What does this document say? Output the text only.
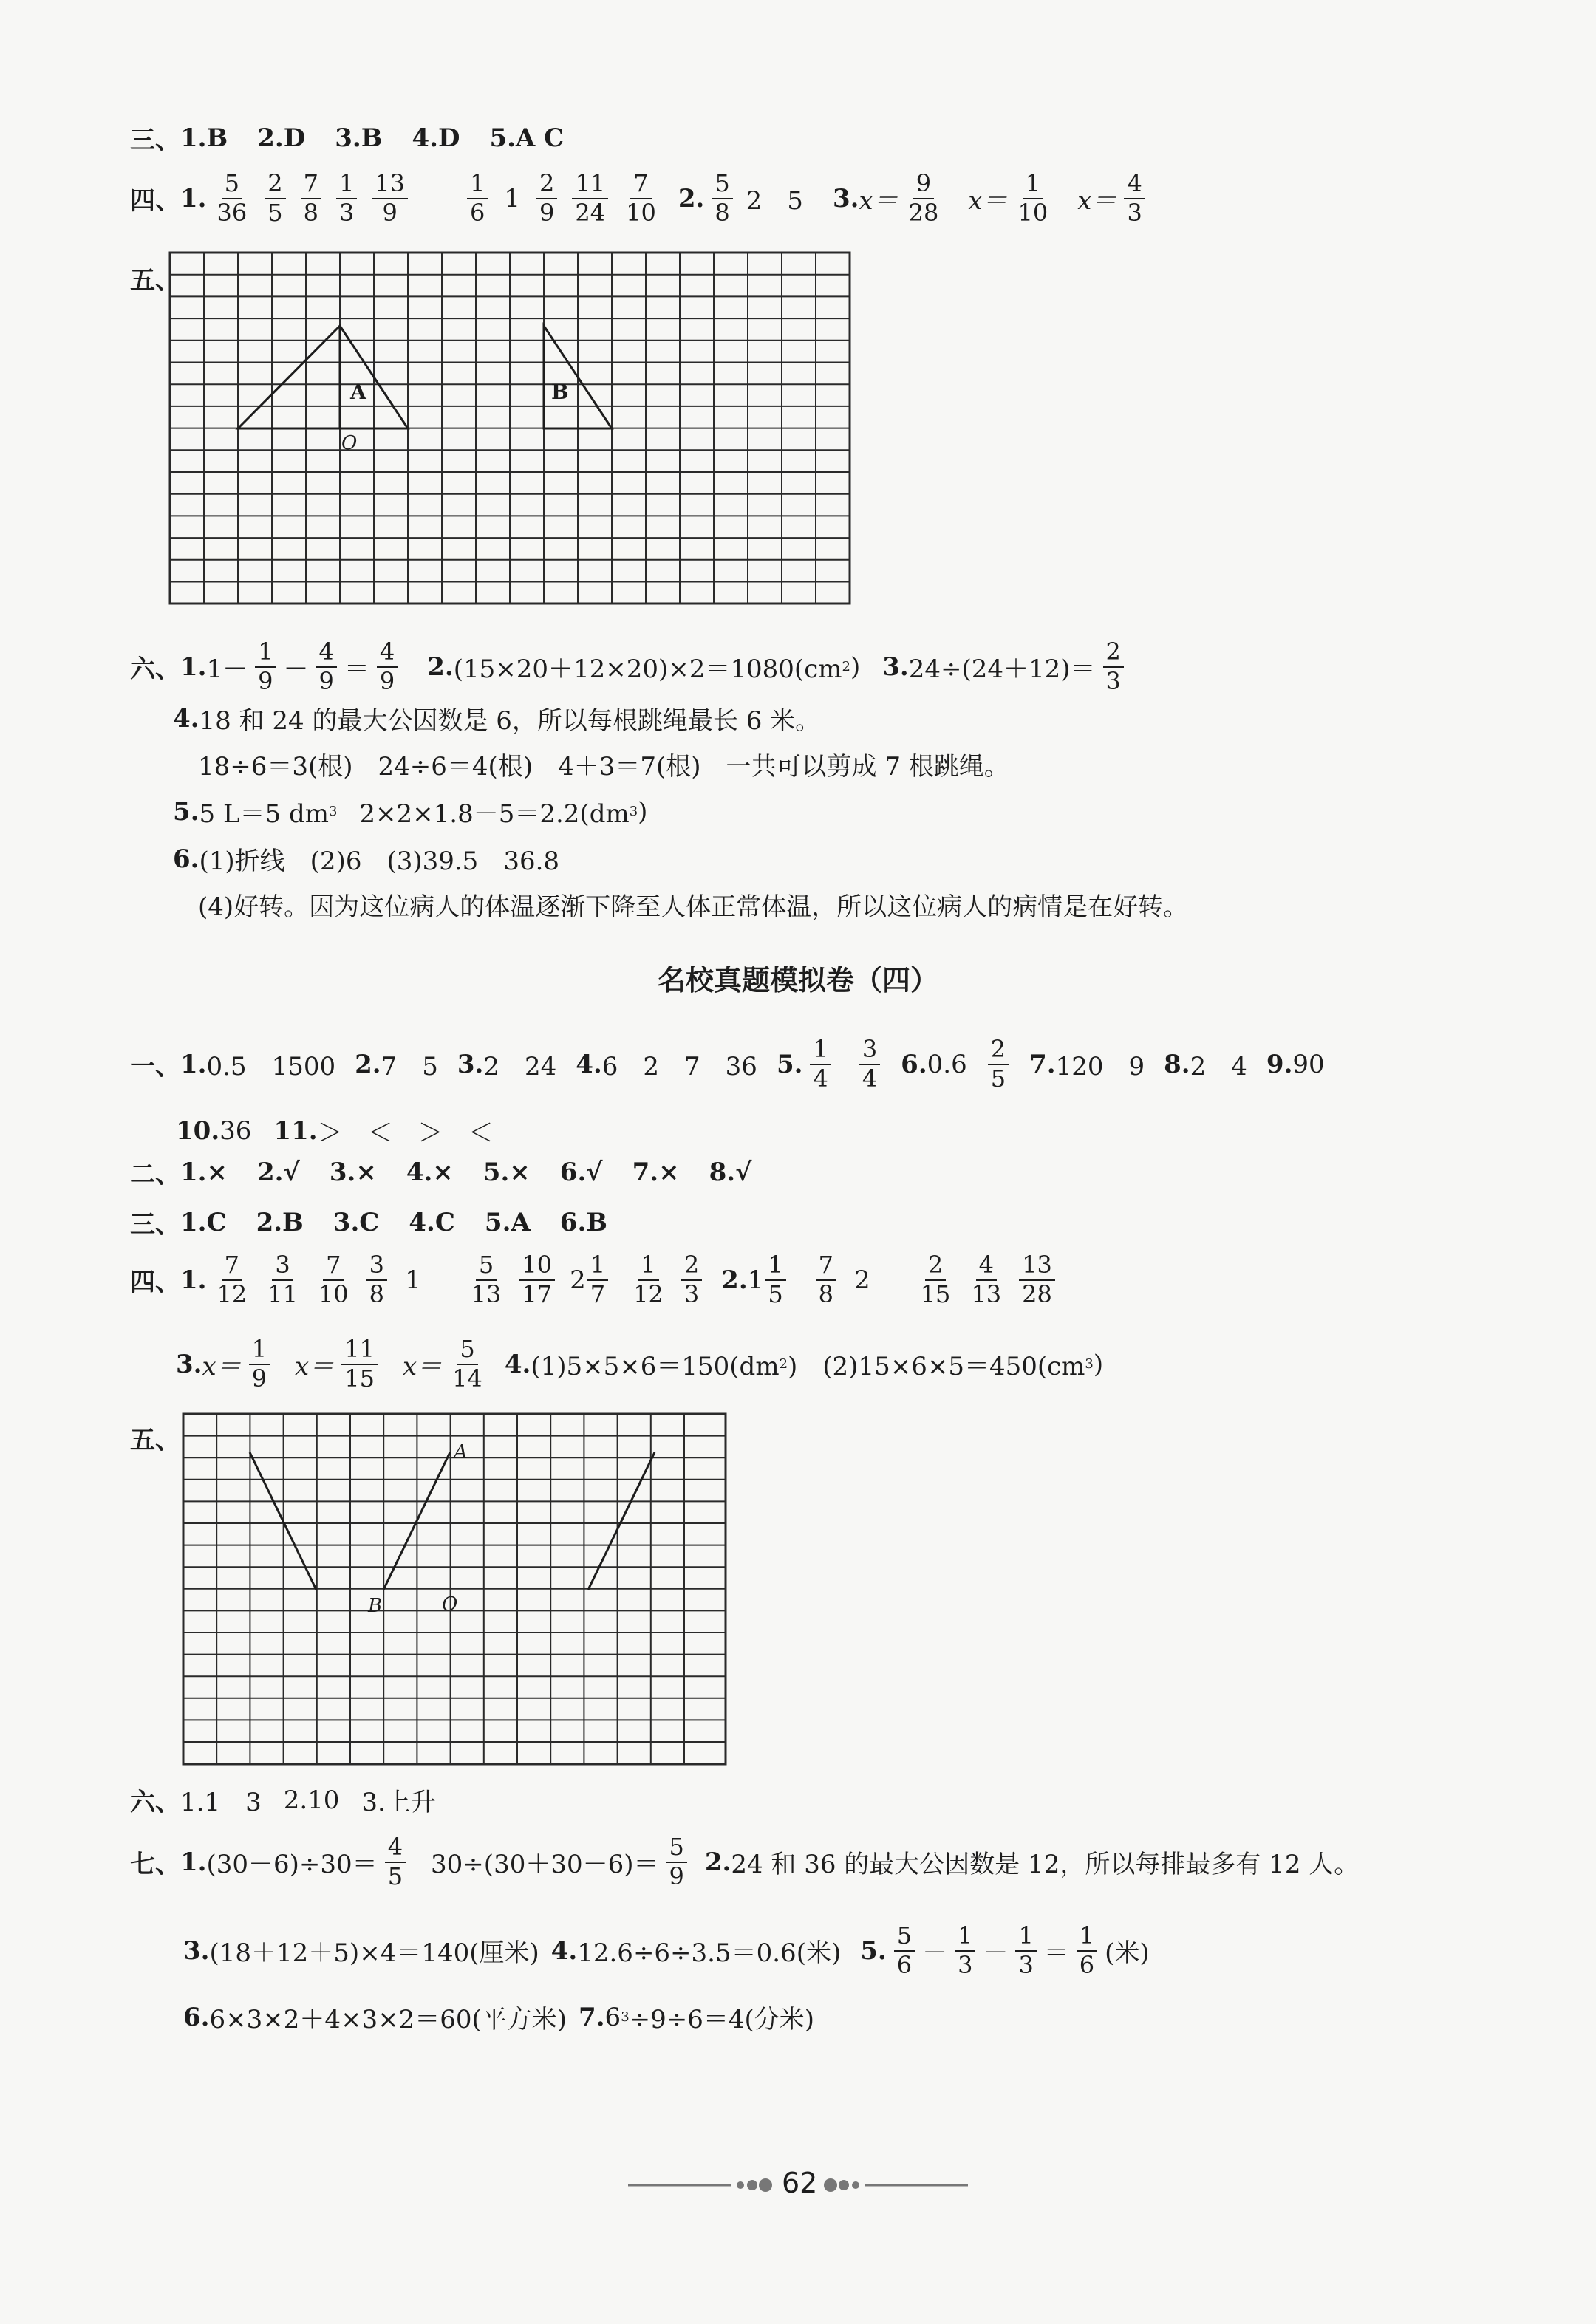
三、 1.B 2.D 3.B 4.D 5.A C
四、 1. $\frac{5}{36} \frac{2}{5} \frac{7}{8} \frac{1}{3} \frac{13}{9}$	$\frac{1}{6} 1 \frac{2}{9} \frac{11}{24} \frac{7}{10} 2$. $\frac{5}{8} 2$　5 3. $x= \frac{9}{28} x= \frac{1}{10} x= \frac{4}{3}$
五、
A	B
O
六、 1. $1- \frac{1}{9} - \frac{4}{9} = \frac{4}{9} 2$. (15×20＋12×20)×2＝1080(cm 2 ) 3. $24\div(24+12)= \frac{2}{3}$
4. 18 和 24 的最大公因数是 6，所以每根跳绳最长 6 米。
18÷6＝3(根)　24÷6＝4(根)　4＋3＝7(根)　一共可以剪成 7 根跳绳。
5. 5 L＝5 dm 3 2×2×1.8－5＝2.2(dm 3 )
6. (1)折线　(2)6　(3)39.5　36.8
(4)好转。因为这位病人的体温逐渐下降至人体正常体温，所以这位病人的病情是在好转。
名校真题模拟卷（四）
一、 1. 0.5　1500 2. 7　5 3. 2　24 4. 6　2　7　36 5. $\frac{1}{4} \frac{3}{4} 6$. $0.6 \frac{2}{5} 7$. 120　9 8. 2　4 9. 90
10. 36 11. ＞　＜　＞　＜
二、 1.× 2.√ 3.× 4.× 5.× 6.√ 7.× 8.√
三、 1.C 2.B 3.C 4.C 5.A 6.B
四、 1. $\frac{7}{12} \frac{3}{11} \frac{7}{10} \frac{3}{8} 1 \frac{5}{13} \frac{10}{17} 2 \frac{1}{7} \frac{1}{12} \frac{2}{3} 2$. $1 \frac{1}{5} \frac{7}{8} 2 \frac{2}{15} \frac{4}{13} \frac{13}{28}$
3. $x= \frac{1}{9} x= \frac{11}{15} x= \frac{5}{14} 4$. (1)5×5×6＝150(dm 2 )　(2)15×6×5＝450(cm 3 )
五、	A
B	O
六、 1.1　3 2.10 3.上升
七、 1. $(30-6)\div 30= \frac{4}{5} 30\div(30+30-6)= \frac{5}{9} 2$. 24 和 36 的最大公因数是 12，所以每排最多有 12 人。
3. (18＋12＋5)×4＝140(厘米) 4. 12.6÷6÷3.5＝0.6(米) 5. $\frac{5}{6} - \frac{1}{3} - \frac{1}{3} = \frac{1}{6}$ (米)
6. 6×3×2＋4×3×2＝60(平方米) 7. 6 3 ÷9÷6＝4(分米)
62
